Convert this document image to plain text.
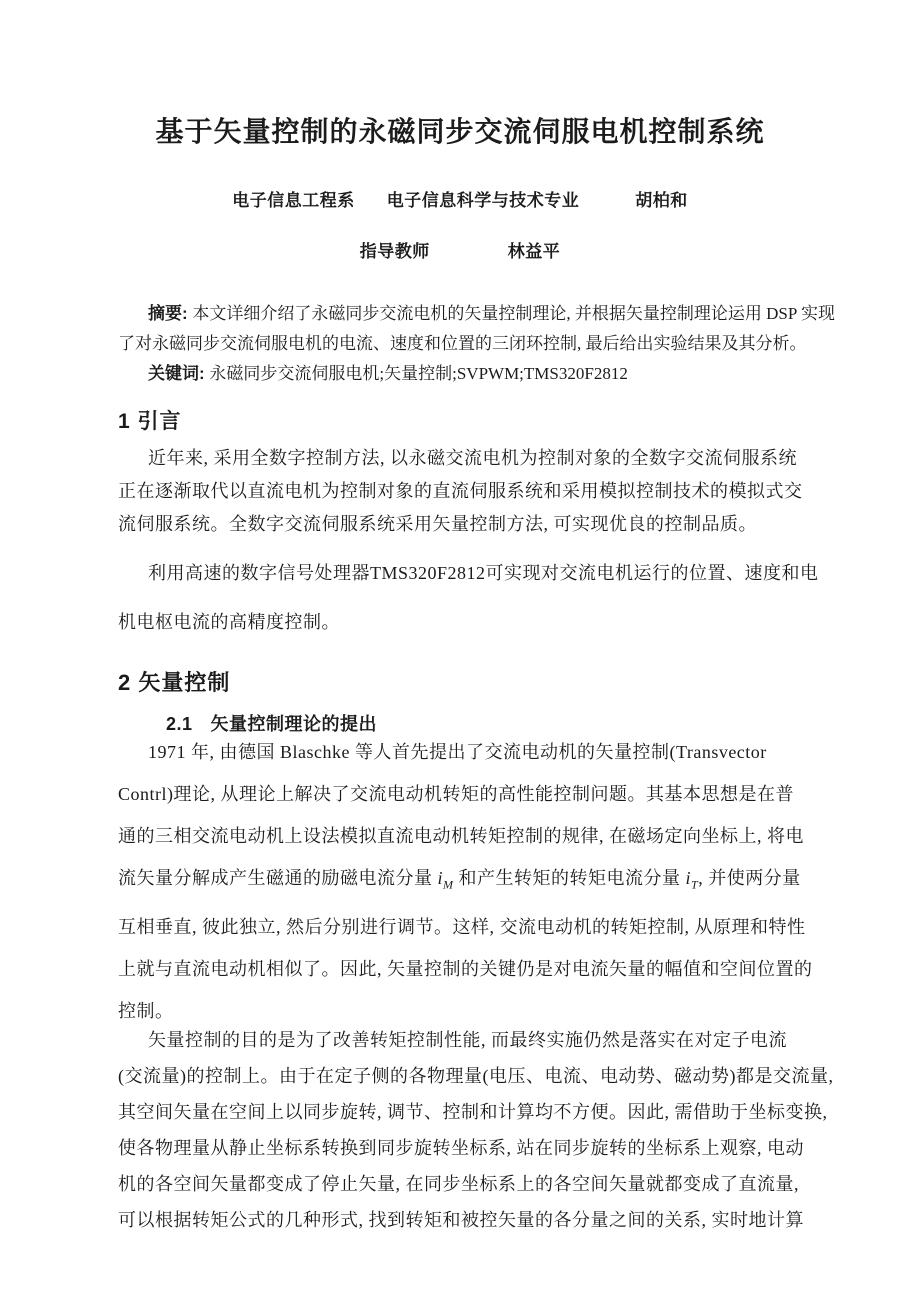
基于矢量控制的永磁同步交流伺服电机控制系统
电子信息工程系 电子信息科学与技术专业	胡柏和
指导教师	林益平
摘要: 本文详细介绍了永磁同步交流电机的矢量控制理论, 并根据矢量控制理论运用 DSP 实现
了对永磁同步交流伺服电机的电流、速度和位置的三闭环控制, 最后给出实验结果及其分析。
关键词: 永磁同步交流伺服电机;矢量控制;SVPWM;TMS320F2812
1 引言
近年来, 采用全数字控制方法, 以永磁交流电机为控制对象的全数字交流伺服系统
正在逐渐取代以直流电机为控制对象的直流伺服系统和采用模拟控制技术的模拟式交
流伺服系统。全数字交流伺服系统采用矢量控制方法, 可实现优良的控制品质。
利用高速的数字信号处理器TMS320F2812可实现对交流电机运行的位置、速度和电
机电枢电流的高精度控制。
2 矢量控制
2.1 矢量控制理论的提出
1971 年, 由德国 Blaschke 等人首先提出了交流电动机的矢量控制(Transvector
Contrl)理论, 从理论上解决了交流电动机转矩的高性能控制问题。其基本思想是在普
通的三相交流电动机上设法模拟直流电动机转矩控制的规律, 在磁场定向坐标上, 将电
流矢量分解成产生磁通的励磁电流分量 $i_M$ 和产生转矩的转矩电流分量 $i_T$, 并使两分量
互相垂直, 彼此独立, 然后分别进行调节。这样, 交流电动机的转矩控制, 从原理和特性
上就与直流电动机相似了。因此, 矢量控制的关键仍是对电流矢量的幅值和空间位置的
控制。
矢量控制的目的是为了改善转矩控制性能, 而最终实施仍然是落实在对定子电流
(交流量)的控制上。由于在定子侧的各物理量(电压、电流、电动势、磁动势)都是交流量,
其空间矢量在空间上以同步旋转, 调节、控制和计算均不方便。因此, 需借助于坐标变换,
使各物理量从静止坐标系转换到同步旋转坐标系, 站在同步旋转的坐标系上观察, 电动
机的各空间矢量都变成了停止矢量, 在同步坐标系上的各空间矢量就都变成了直流量,
可以根据转矩公式的几种形式, 找到转矩和被控矢量的各分量之间的关系, 实时地计算
